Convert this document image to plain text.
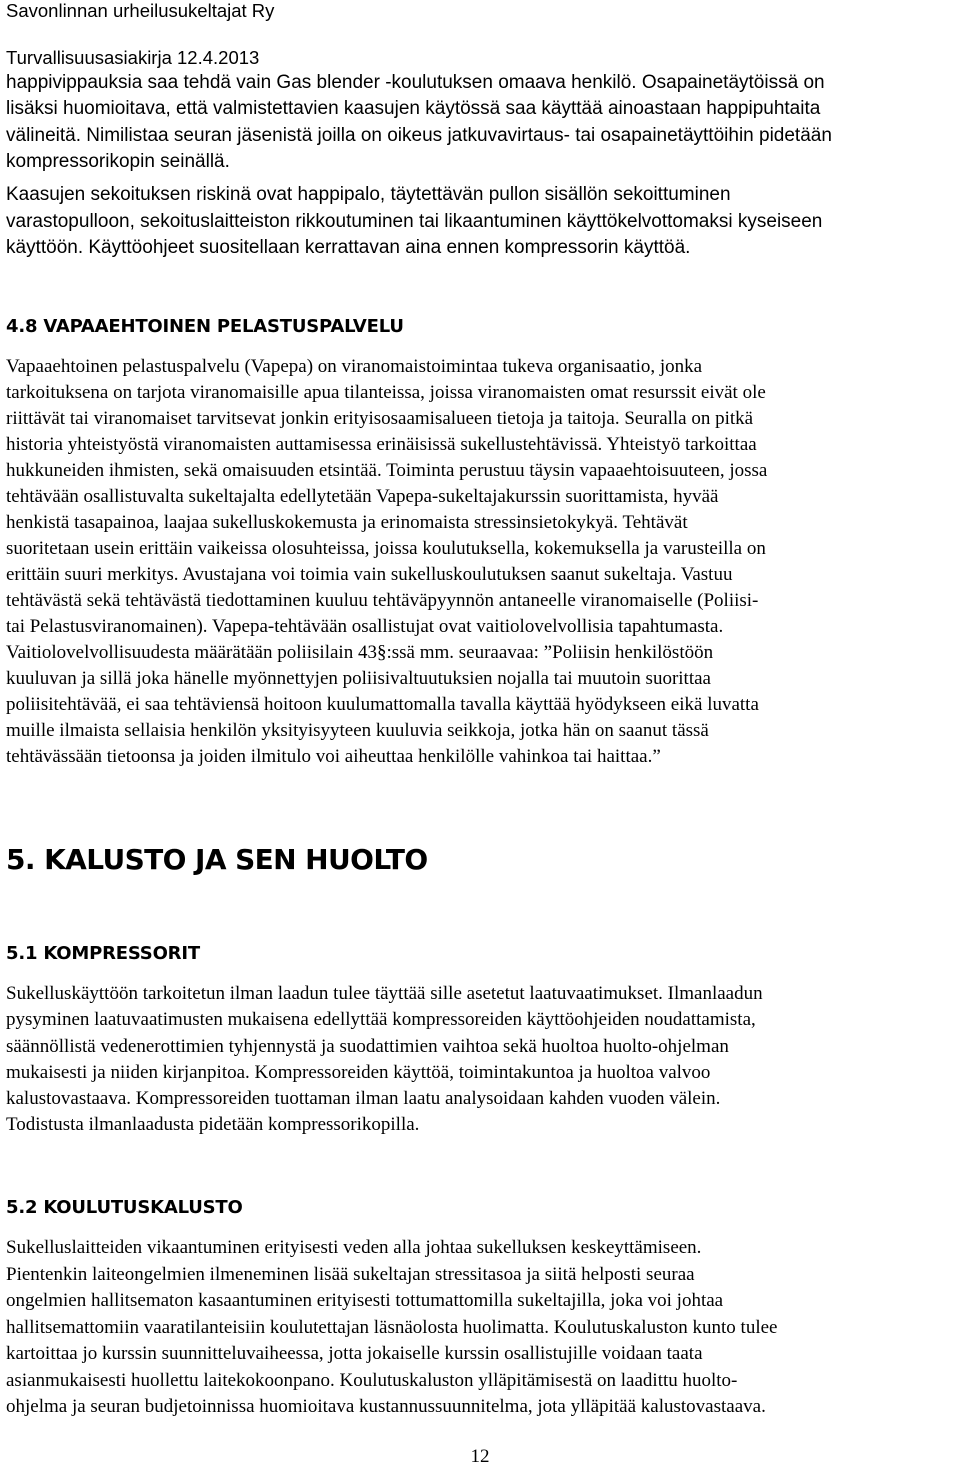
Savonlinnan urheilusukeltajat Ry
Turvallisuusasiakirja 12.4.2013
happivippauksia saa tehdä vain Gas blender -koulutuksen omaava henkilö. Osapainetäytöissä on
lisäksi huomioitava, että valmistettavien kaasujen käytössä saa käyttää ainoastaan happipuhtaita
välineitä. Nimilistaa seuran jäsenistä joilla on oikeus jatkuvavirtaus- tai osapainetäyttöihin pidetään
kompressorikopin seinällä.
Kaasujen sekoituksen riskinä ovat happipalo, täytettävän pullon sisällön sekoittuminen
varastopulloon, sekoituslaitteiston rikkoutuminen tai likaantuminen käyttökelvottomaksi kyseiseen
käyttöön. Käyttöohjeet suositellaan kerrattavan aina ennen kompressorin käyttöä.
4.8 VAPAAEHTOINEN PELASTUSPALVELU
Vapaaehtoinen pelastuspalvelu (Vapepa) on viranomaistoimintaa tukeva organisaatio, jonka
tarkoituksena on tarjota viranomaisille apua tilanteissa, joissa viranomaisten omat resurssit eivät ole
riittävät tai viranomaiset tarvitsevat jonkin erityisosaamisalueen tietoja ja taitoja. Seuralla on pitkä
historia yhteistyöstä viranomaisten auttamisessa erinäisissä sukellustehtävissä. Yhteistyö tarkoittaa
hukkuneiden ihmisten, sekä omaisuuden etsintää. Toiminta perustuu täysin vapaaehtoisuuteen, jossa
tehtävään osallistuvalta sukeltajalta edellytetään Vapepa-sukeltajakurssin suorittamista, hyvää
henkistä tasapainoa, laajaa sukelluskokemusta ja erinomaista stressinsietokykyä. Tehtävät
suoritetaan usein erittäin vaikeissa olosuhteissa, joissa koulutuksella, kokemuksella ja varusteilla on
erittäin suuri merkitys. Avustajana voi toimia vain sukelluskoulutuksen saanut sukeltaja. Vastuu
tehtävästä sekä tehtävästä tiedottaminen kuuluu tehtäväpyynnön antaneelle viranomaiselle (Poliisi-
tai Pelastusviranomainen). Vapepa-tehtävään osallistujat ovat vaitiolovelvollisia tapahtumasta.
Vaitiolovelvollisuudesta määrätään poliisilain 43§:ssä mm. seuraavaa: ”Poliisin henkilöstöön
kuuluvan ja sillä joka hänelle myönnettyjen poliisivaltuutuksien nojalla tai muutoin suorittaa
poliisitehtävää, ei saa tehtäviensä hoitoon kuulumattomalla tavalla käyttää hyödykseen eikä luvatta
muille ilmaista sellaisia henkilön yksityisyyteen kuuluvia seikkoja, jotka hän on saanut tässä
tehtävässään tietoonsa ja joiden ilmitulo voi aiheuttaa henkilölle vahinkoa tai haittaa.”
5. KALUSTO JA SEN HUOLTO
5.1 KOMPRESSORIT
Sukelluskäyttöön tarkoitetun ilman laadun tulee täyttää sille asetetut laatuvaatimukset. Ilmanlaadun
pysyminen laatuvaatimusten mukaisena edellyttää kompressoreiden käyttöohjeiden noudattamista,
säännöllistä vedenerottimien tyhjennystä ja suodattimien vaihtoa sekä huoltoa huolto-ohjelman
mukaisesti ja niiden kirjanpitoa. Kompressoreiden käyttöä, toimintakuntoa ja huoltoa valvoo
kalustovastaava. Kompressoreiden tuottaman ilman laatu analysoidaan kahden vuoden välein.
Todistusta ilmanlaadusta pidetään kompressorikopilla.
5.2 KOULUTUSKALUSTO
Sukelluslaitteiden vikaantuminen erityisesti veden alla johtaa sukelluksen keskeyttämiseen.
Pientenkin laiteongelmien ilmeneminen lisää sukeltajan stressitasoa ja siitä helposti seuraa
ongelmien hallitsematon kasaantuminen erityisesti tottumattomilla sukeltajilla, joka voi johtaa
hallitsemattomiin vaaratilanteisiin koulutettajan läsnäolosta huolimatta. Koulutuskaluston kunto tulee
kartoittaa jo kurssin suunnitteluvaiheessa, jotta jokaiselle kurssin osallistujille voidaan taata
asianmukaisesti huollettu laitekokoonpano. Koulutuskaluston ylläpitämisestä on laadittu huolto-
ohjelma ja seuran budjetoinnissa huomioitava kustannussuunnitelma, jota ylläpitää kalustovastaava.
12
